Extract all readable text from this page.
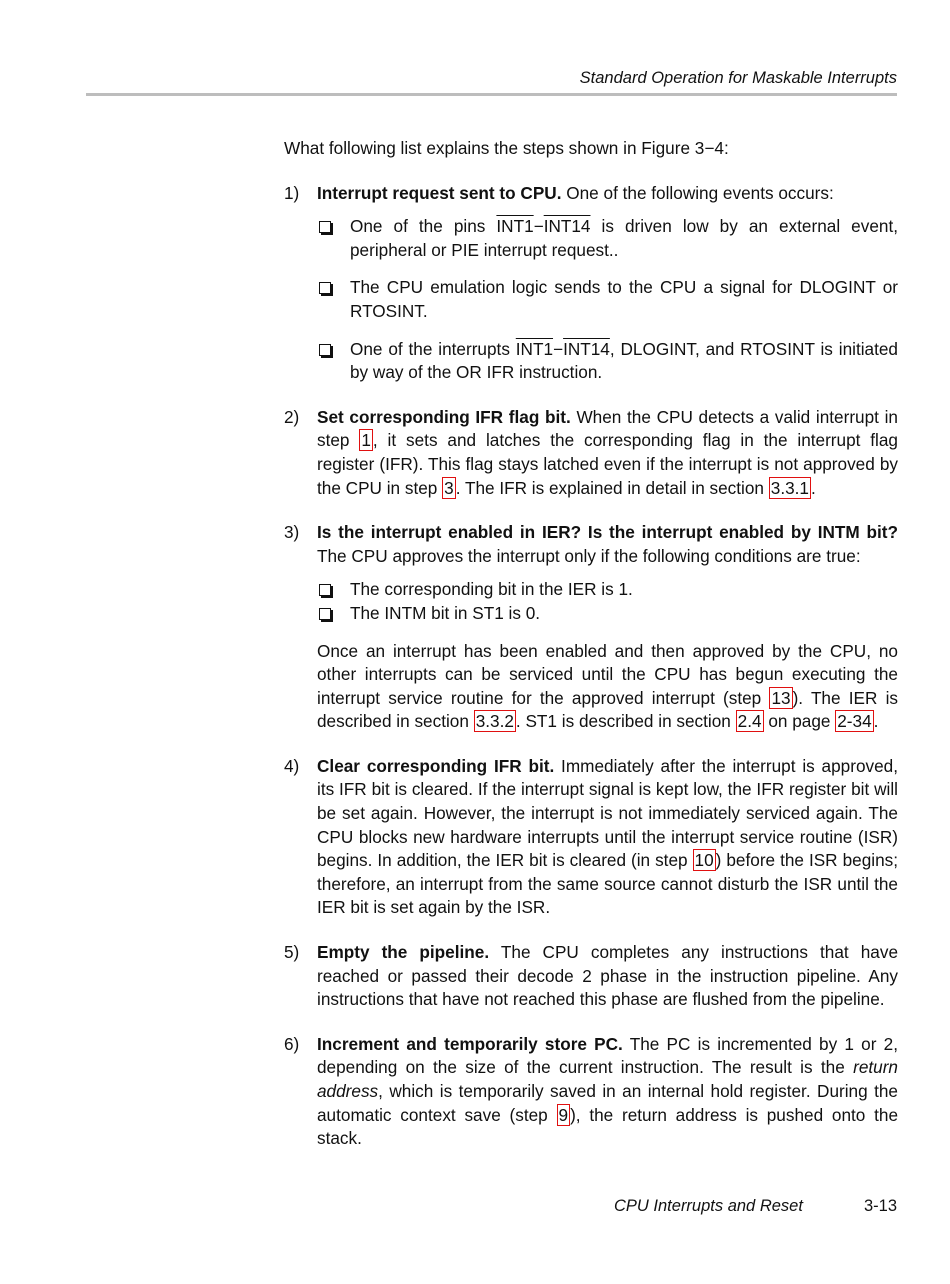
Standard Operation for Maskable Interrupts

What following list explains the steps shown in Figure 3−4:

1) Interrupt request sent to CPU. One of the following events occurs:

One of the pins INT1−INT14 is driven low by an external event, peripheral or PIE interrupt request..
The CPU emulation logic sends to the CPU a signal for DLOGINT or RTOSINT.
One of the interrupts INT1−INT14, DLOGINT, and RTOSINT is initiated by way of the OR IFR instruction.
2) Set corresponding IFR flag bit. When the CPU detects a valid interrupt in step 1 , it sets and latches the corresponding flag in the interrupt flag register (IFR). This flag stays latched even if the interrupt is not approved by the CPU in step 3 . The IFR is explained in detail in section 3.3.1 .

3) Is the interrupt enabled in IER? Is the interrupt enabled by INTM bit? The CPU approves the interrupt only if the following conditions are true:

The corresponding bit in the IER is 1.
The INTM bit in ST1 is 0.

Once an interrupt has been enabled and then approved by the CPU, no other interrupts can be serviced until the CPU has begun executing the interrupt service routine for the approved interrupt (step 13 ). The IER is described in section 3.3.2 . ST1 is described in section 2.4 on page 2-34 .

4) Clear corresponding IFR bit. Immediately after the interrupt is approved, its IFR bit is cleared. If the interrupt signal is kept low, the IFR register bit will be set again. However, the interrupt is not immediately serviced again. The CPU blocks new hardware interrupts until the interrupt service routine (ISR) begins. In addition, the IER bit is cleared (in step 10 ) before the ISR begins; therefore, an interrupt from the same source cannot disturb the ISR until the IER bit is set again by the ISR.

5) Empty the pipeline. The CPU completes any instructions that have reached or passed their decode 2 phase in the instruction pipeline. Any instructions that have not reached this phase are flushed from the pipeline.

6) Increment and temporarily store PC. The PC is incremented by 1 or 2, depending on the size of the current instruction. The result is the return address, which is temporarily saved in an internal hold register. During the automatic context save (step 9 ), the return address is pushed onto the stack.

CPU Interrupts and Reset	3-13
